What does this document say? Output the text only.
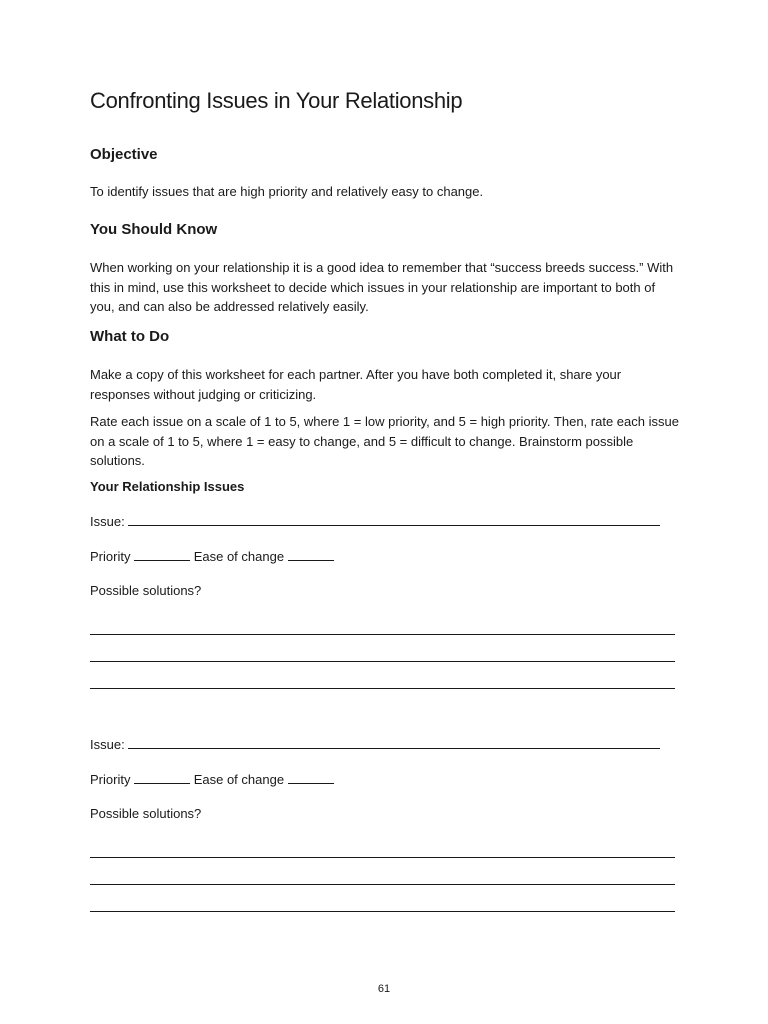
Confronting Issues in Your Relationship
Objective

To identify issues that are high priority and relatively easy to change.

You Should Know

When working on your relationship it is a good idea to remember that “success breeds success.” With this in mind, use this worksheet to decide which issues in your relationship are important to both of you, and can also be addressed relatively easily.

What to Do

Make a copy of this worksheet for each partner. After you have both completed it, share your responses without judging or criticizing.

Rate each issue on a scale of 1 to 5, where 1 = low priority, and 5 = high priority. Then, rate each issue on a scale of 1 to 5, where 1 = easy to change, and 5 = difficult to change. Brainstorm possible solutions.

Your Relationship Issues

Issue:

Priority	Ease of change

Possible solutions?

Issue:

Priority	Ease of change

Possible solutions?

61
